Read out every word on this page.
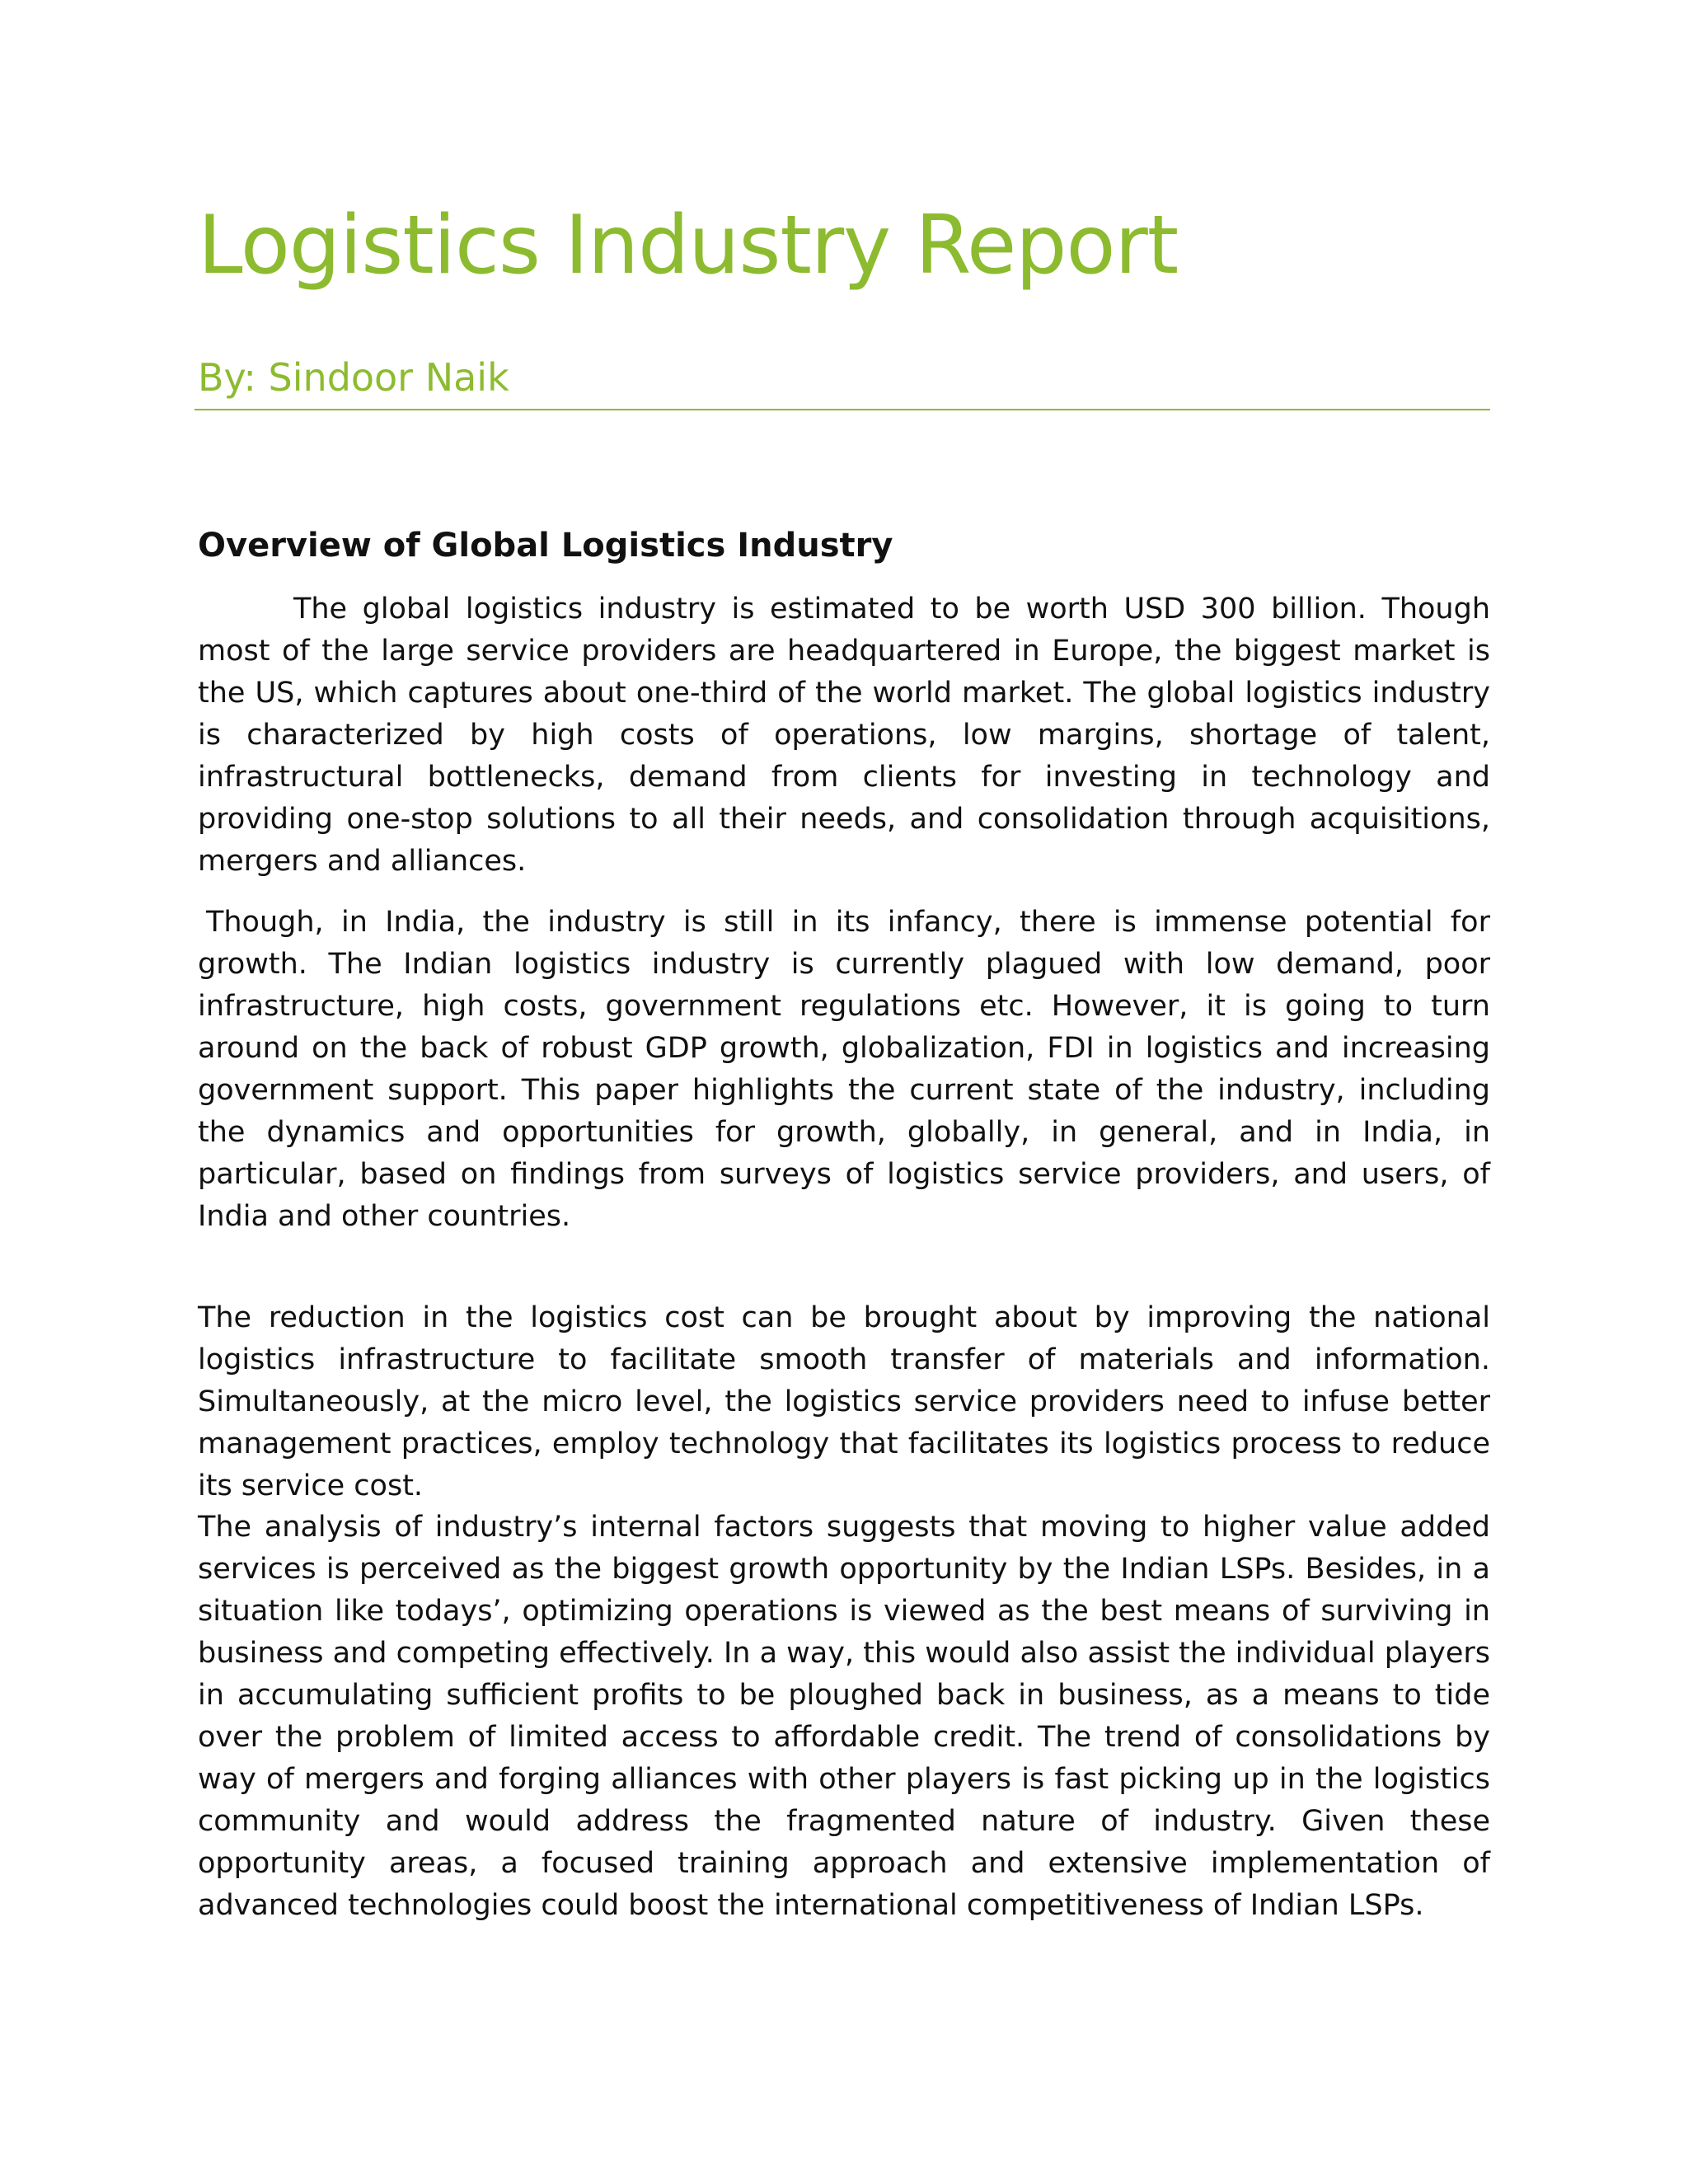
Logistics Industry Report
By: Sindoor Naik
Overview of Global Logistics Industry

The global logistics industry is estimated to be worth USD 300 billion. Though most of the large service providers are headquartered in Europe, the biggest market is the US, which captures about one-third of the world market. The global logistics industry is characterized by high costs of operations, low margins, shortage of talent, infrastructural bottlenecks, demand from clients for investing in technology and providing one-stop solutions to all their needs, and consolidation through acquisitions, mergers and alliances.

Though, in India, the industry is still in its infancy, there is immense potential for growth. The Indian logistics industry is currently plagued with low demand, poor infrastructure, high costs, government regulations etc. However, it is going to turn around on the back of robust GDP growth, globalization, FDI in logistics and increasing government support. This paper highlights the current state of the industry, including the dynamics and opportunities for growth, globally, in general, and in India, in particular, based on findings from surveys of logistics service providers, and users, of India and other countries.

The reduction in the logistics cost can be brought about by improving the national logistics infrastructure to facilitate smooth transfer of materials and information. Simultaneously, at the micro level, the logistics service providers need to infuse better management practices, employ technology that facilitates its logistics process to reduce its service cost.

The analysis of industry’s internal factors suggests that moving to higher value added services is perceived as the biggest growth opportunity by the Indian LSPs. Besides, in a situation like todays’, optimizing operations is viewed as the best means of surviving in business and competing effectively. In a way, this would also assist the individual players in accumulating sufficient profits to be ploughed back in business, as a means to tide over the problem of limited access to affordable credit. The trend of consolidations by way of mergers and forging alliances with other players is fast picking up in the logistics community and would address the fragmented nature of industry. Given these opportunity areas, a focused training approach and extensive implementation of advanced technologies could boost the international competitiveness of Indian LSPs.
